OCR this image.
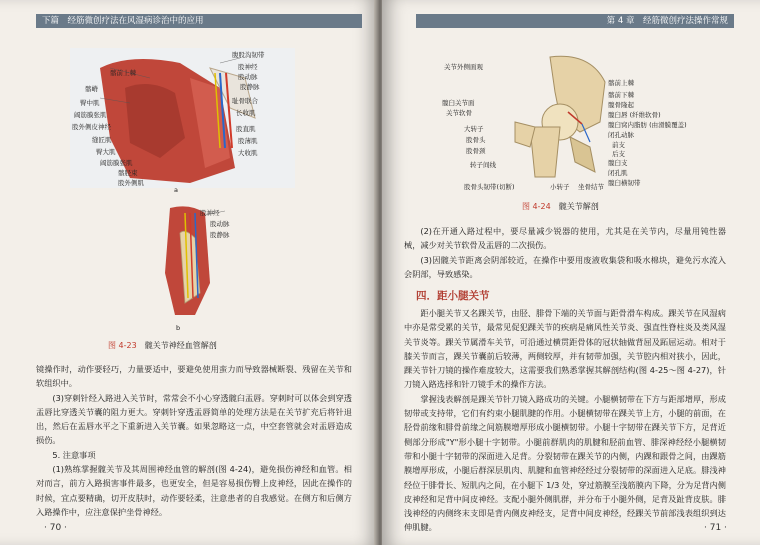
下篇　经筋微创疗法在风湿病诊治中的应用
髂前上棘
髂嵴
臀中肌
阔筋膜张肌
股外侧皮神经
缝匠肌
臀大肌
阔筋膜张肌
髂胫束
股外侧肌
腹股沟韧带
股神经
股动脉
股静脉
耻骨联合
长收肌
股直肌
股薄肌
大收肌
a
股神经
股动脉
股静脉
b
图 4-23 髋关节神经血管解剖

镜操作时，动作要轻巧，力量要适中，要避免使用蛮力而导致器械断裂、残留在关节和软组织中。

(3)穿刺针经入路进入关节时，常常会不小心穿透髋臼盂唇。穿刺时可以体会到穿透盂唇比穿透关节囊的阻力更大。穿刺针穿透盂唇简单的处理方法是在关节扩充后将针退出，然后在盂唇水平之下重新进入关节囊。如果忽略这一点，中空套管就会对盂唇造成损伤。

5. 注意事项

(1)熟练掌握髋关节及其周围神经血管的解剖(图 4-24)，避免损伤神经和血管。相对而言，前方入路损害事件最多，也更安全，但是容易损伤臀上皮神经，因此在操作的时候，宜点要精确，切开皮肤时，动作要轻柔，注意患者的自我感觉。在侧方和后侧方入路操作中，应注意保护坐骨神经。

· 70 ·
第 4 章　经筋微创疗法操作常规
关节外侧面观
髋臼关节面
关节软骨
大转子
股骨头
股骨颈
转子间线
股骨头韧带(切断)
髂前上棘
髂前下棘
髋骨隆起
髋臼唇 (纤维软骨)
髋臼窝内脂肪 (由滑膜覆盖)
闭孔动脉
前支
后支
髋臼支
闭孔肌
髋臼横韧带
坐骨结节
小转子
图 4-24 髋关节解剖

(2)在开通入路过程中，要尽量减少锐器的使用，尤其是在关节内，尽量用钝性器械，减少对关节软骨及盂唇的二次损伤。

(3)因髋关节距离会阴部较近，在操作中要用废液收集袋和吸水棉块，避免污水流入会阴部，导致感染。

四．距小腿关节

距小腿关节又名踝关节，由胫、腓骨下端的关节面与距骨滑车构成。踝关节在风湿病中亦是常受累的关节，最常见促犯踝关节的疾病是痛风性关节炎、强直性脊柱炎及类风湿关节炎等。踝关节属滑车关节，可沿通过横贯距骨体的冠状轴做背屈及跖屈运动。相对于膝关节而言，踝关节囊前后较薄，两侧较厚，并有韧带加强，关节腔内相对狭小，因此，踝关节针刀镜的操作难度较大，这需要我们熟悉掌握其解剖结构(图 4-25～图 4-27)，针刀镜入路选择和针刀镜手术的操作方法。

掌握浅表解剖是踝关节针刀镜入路成功的关键。小腿横韧带在下方与距部增厚，形成韧带或支持带，它们有约束小腿肌腱的作用。小腿横韧带在踝关节上方，小腿的前面，在胫骨前缘和腓骨前缘之间筋膜增厚形成小腿横韧带。小腿十字韧带在踝关节下方，足背近侧部分形成"Y"形小腿十字韧带。小腿前群肌肉的肌腱和胫前血管、腓深神经经小腿横韧带和小腿十字韧带的深面进入足背。分裂韧带在踝关节的内侧，内踝和跟骨之间，由踝筋膜增厚形成，小腿后群深层肌肉、肌腱和血管神经经过分裂韧带的深面进入足底。腓浅神经位于腓骨长、短肌内之间，在小腿下 1/3 处，穿过筋膜至浅筋膜内下降，分为足背内侧皮神经和足背中间皮神经。支配小腿外侧肌群，并分布于小腿外侧，足背及趾背皮肤。腓浅神经的内侧终末支即是背内侧皮神经支，足背中间皮神经，经踝关节前部浅表组织到达伸肌腱。	· 71 ·
